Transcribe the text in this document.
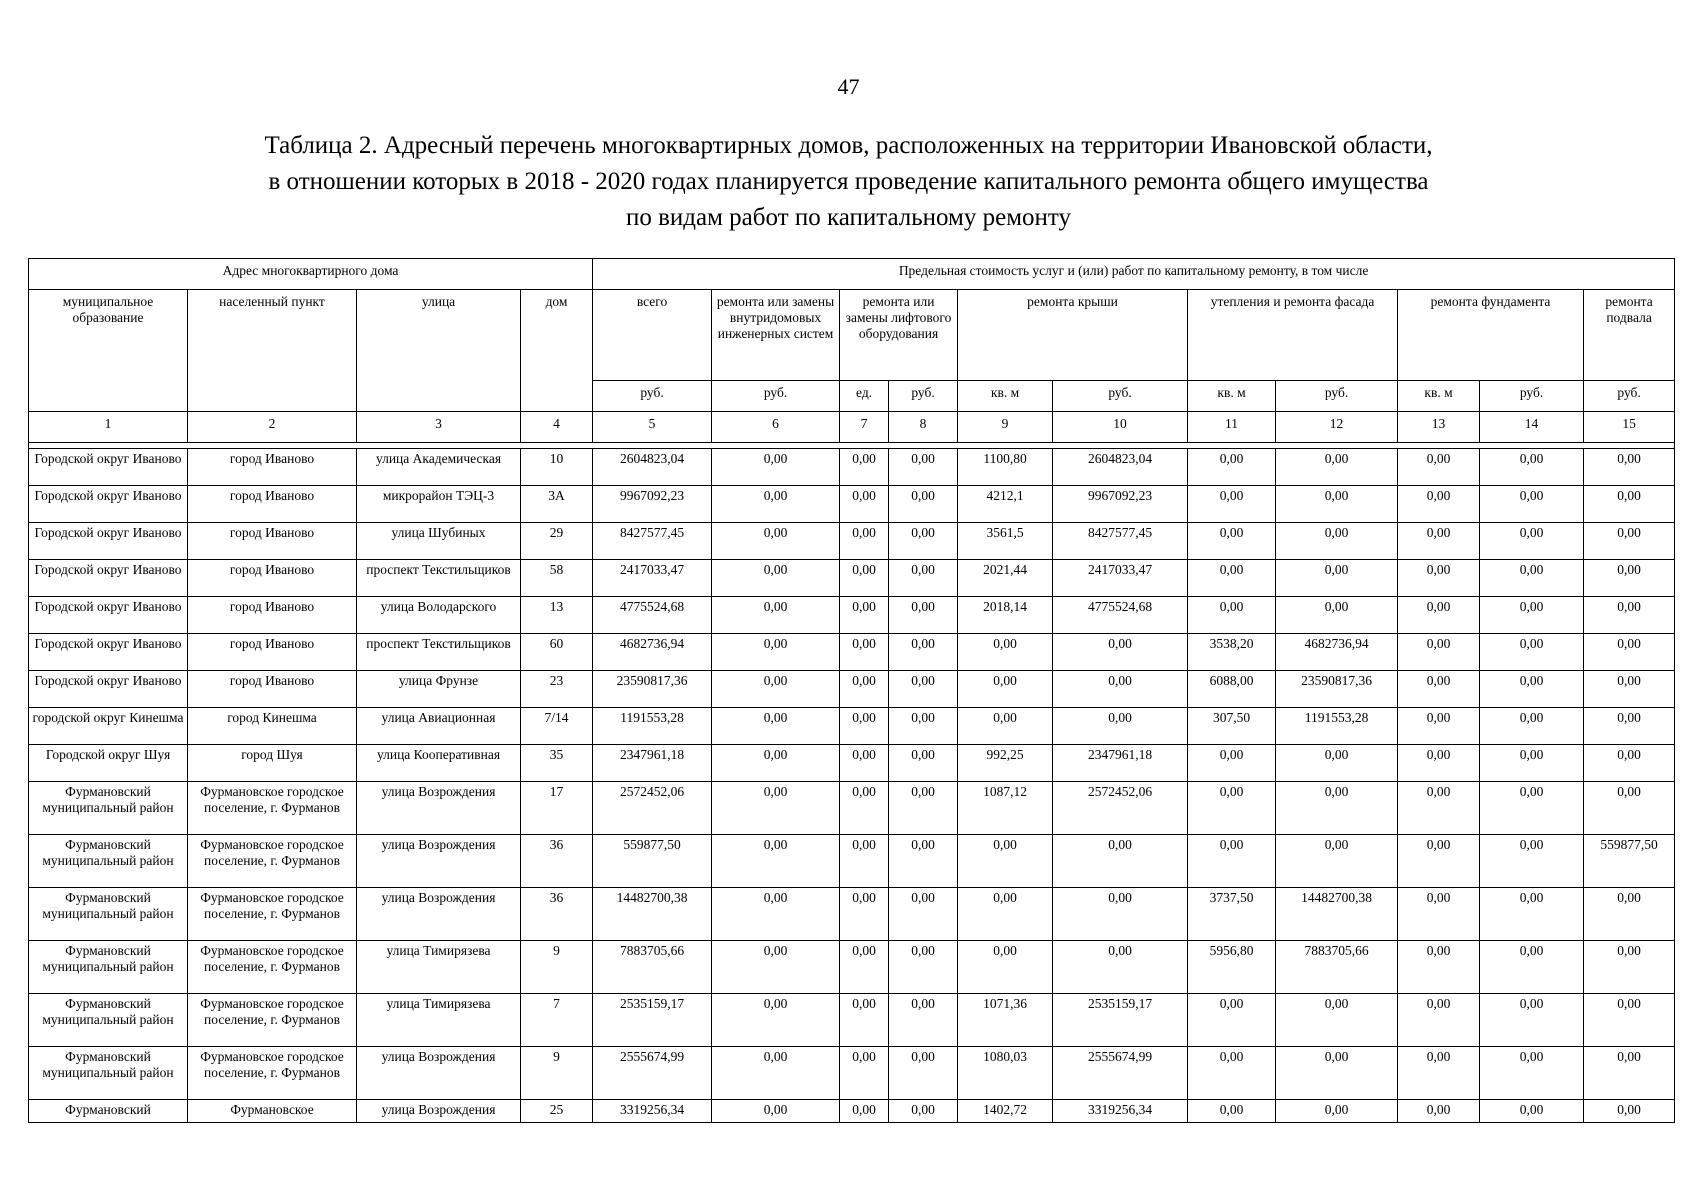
47
Таблица 2. Адресный перечень многоквартирных домов, расположенных на территории Ивановской области,
в отношении которых в 2018 - 2020 годах планируется проведение капитального ремонта общего имущества
по видам работ по капитальному ремонту
Адрес многоквартирного дома				Предельная стоимость услуг и (или) работ по капитальному ремонту, в том числе										
муниципальное образование	населенный пункт	улица	дом	всего	ремонта или замены внутридомовых инженерных систем	ремонта или замены лифтового оборудования		ремонта крыши		утепления и ремонта фасада		ремонта фундамента		ремонта подвала
				руб.	руб.	ед.	руб.	кв. м	руб.	кв. м	руб.	кв. м	руб.	руб.
1	2	3	4	5	6	7	8	9	10	11	12	13	14	15

Городской округ Иваново	город Иваново	улица Академическая	10	2604823,04	0,00	0,00	0,00	1100,80	2604823,04	0,00	0,00	0,00	0,00	0,00
Городской округ Иваново	город Иваново	микрорайон ТЭЦ-3	3А	9967092,23	0,00	0,00	0,00	4212,1	9967092,23	0,00	0,00	0,00	0,00	0,00
Городской округ Иваново	город Иваново	улица Шубиных	29	8427577,45	0,00	0,00	0,00	3561,5	8427577,45	0,00	0,00	0,00	0,00	0,00
Городской округ Иваново	город Иваново	проспект Текстильщиков	58	2417033,47	0,00	0,00	0,00	2021,44	2417033,47	0,00	0,00	0,00	0,00	0,00
Городской округ Иваново	город Иваново	улица Володарского	13	4775524,68	0,00	0,00	0,00	2018,14	4775524,68	0,00	0,00	0,00	0,00	0,00
Городской округ Иваново	город Иваново	проспект Текстильщиков	60	4682736,94	0,00	0,00	0,00	0,00	0,00	3538,20	4682736,94	0,00	0,00	0,00
Городской округ Иваново	город Иваново	улица Фрунзе	23	23590817,36	0,00	0,00	0,00	0,00	0,00	6088,00	23590817,36	0,00	0,00	0,00
городской округ Кинешма	город Кинешма	улица Авиационная	7/14	1191553,28	0,00	0,00	0,00	0,00	0,00	307,50	1191553,28	0,00	0,00	0,00
Городской округ Шуя	город Шуя	улица Кооперативная	35	2347961,18	0,00	0,00	0,00	992,25	2347961,18	0,00	0,00	0,00	0,00	0,00
Фурмановский муниципальный район	Фурмановское городское поселение, г. Фурманов	улица Возрождения	17	2572452,06	0,00	0,00	0,00	1087,12	2572452,06	0,00	0,00	0,00	0,00	0,00
Фурмановский муниципальный район	Фурмановское городское поселение, г. Фурманов	улица Возрождения	36	559877,50	0,00	0,00	0,00	0,00	0,00	0,00	0,00	0,00	0,00	559877,50
Фурмановский муниципальный район	Фурмановское городское поселение, г. Фурманов	улица Возрождения	36	14482700,38	0,00	0,00	0,00	0,00	0,00	3737,50	14482700,38	0,00	0,00	0,00
Фурмановский муниципальный район	Фурмановское городское поселение, г. Фурманов	улица Тимирязева	9	7883705,66	0,00	0,00	0,00	0,00	0,00	5956,80	7883705,66	0,00	0,00	0,00
Фурмановский муниципальный район	Фурмановское городское поселение, г. Фурманов	улица Тимирязева	7	2535159,17	0,00	0,00	0,00	1071,36	2535159,17	0,00	0,00	0,00	0,00	0,00
Фурмановский муниципальный район	Фурмановское городское поселение, г. Фурманов	улица Возрождения	9	2555674,99	0,00	0,00	0,00	1080,03	2555674,99	0,00	0,00	0,00	0,00	0,00
Фурмановский	Фурмановское	улица Возрождения	25	3319256,34	0,00	0,00	0,00	1402,72	3319256,34	0,00	0,00	0,00	0,00	0,00
